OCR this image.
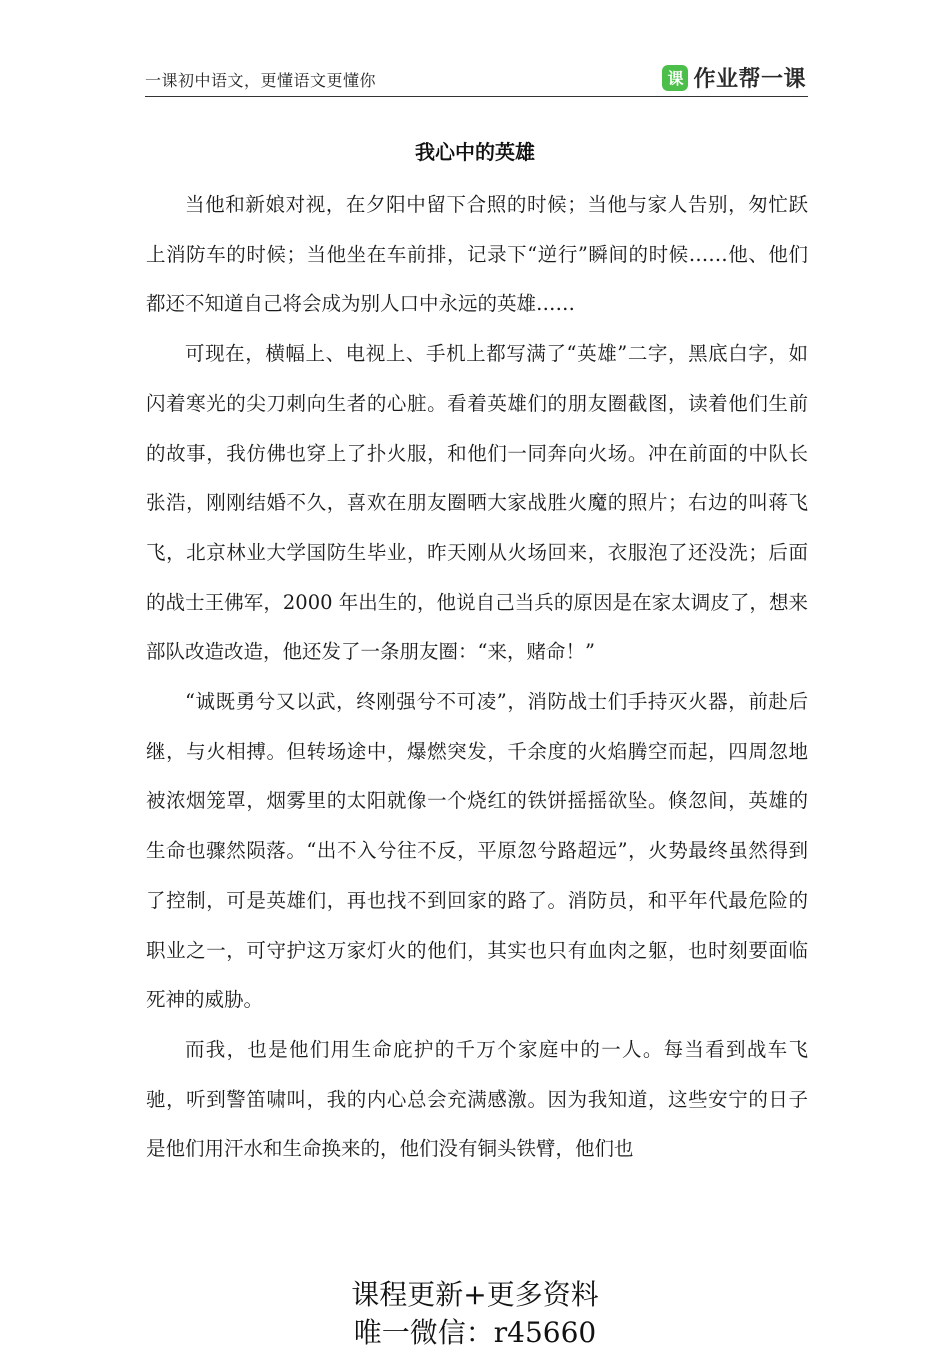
一课初中语文，更懂语文更懂你	课 作业帮一课
我心中的英雄

当他和新娘对视，在夕阳中留下合照的时候；当他与家人告别，匆忙跃上消防车的时候；当他坐在车前排，记录下“逆行”瞬间的时候……他、他们都还不知道自己将会成为别人口中永远的英雄……

可现在，横幅上、电视上、手机上都写满了“英雄”二字，黑底白字，如闪着寒光的尖刀刺向生者的心脏。看着英雄们的朋友圈截图，读着他们生前的故事，我仿佛也穿上了扑火服，和他们一同奔向火场。冲在前面的中队长张浩，刚刚结婚不久，喜欢在朋友圈晒大家战胜火魔的照片；右边的叫蒋飞飞，北京林业大学国防生毕业，昨天刚从火场回来，衣服泡了还没洗；后面的战士王佛军，2000 年出生的，他说自己当兵的原因是在家太调皮了，想来部队改造改造，他还发了一条朋友圈：“来，赌命！”

“诚既勇兮又以武，终刚强兮不可凌”，消防战士们手持灭火器，前赴后继，与火相搏。但转场途中，爆燃突发，千余度的火焰腾空而起，四周忽地被浓烟笼罩，烟雾里的太阳就像一个烧红的铁饼摇摇欲坠。倏忽间，英雄的生命也骤然陨落。“出不入兮往不反，平原忽兮路超远”，火势最终虽然得到了控制，可是英雄们，再也找不到回家的路了。消防员，和平年代最危险的职业之一，可守护这万家灯火的他们，其实也只有血肉之躯，也时刻要面临死神的威胁。

而我，也是他们用生命庇护的千万个家庭中的一人。每当看到战车飞驰，听到警笛啸叫，我的内心总会充满感激。因为我知道，这些安宁的日子是他们用汗水和生命换来的，他们没有铜头铁臂，他们也

课程更新+更多资料
唯一微信：r45660
